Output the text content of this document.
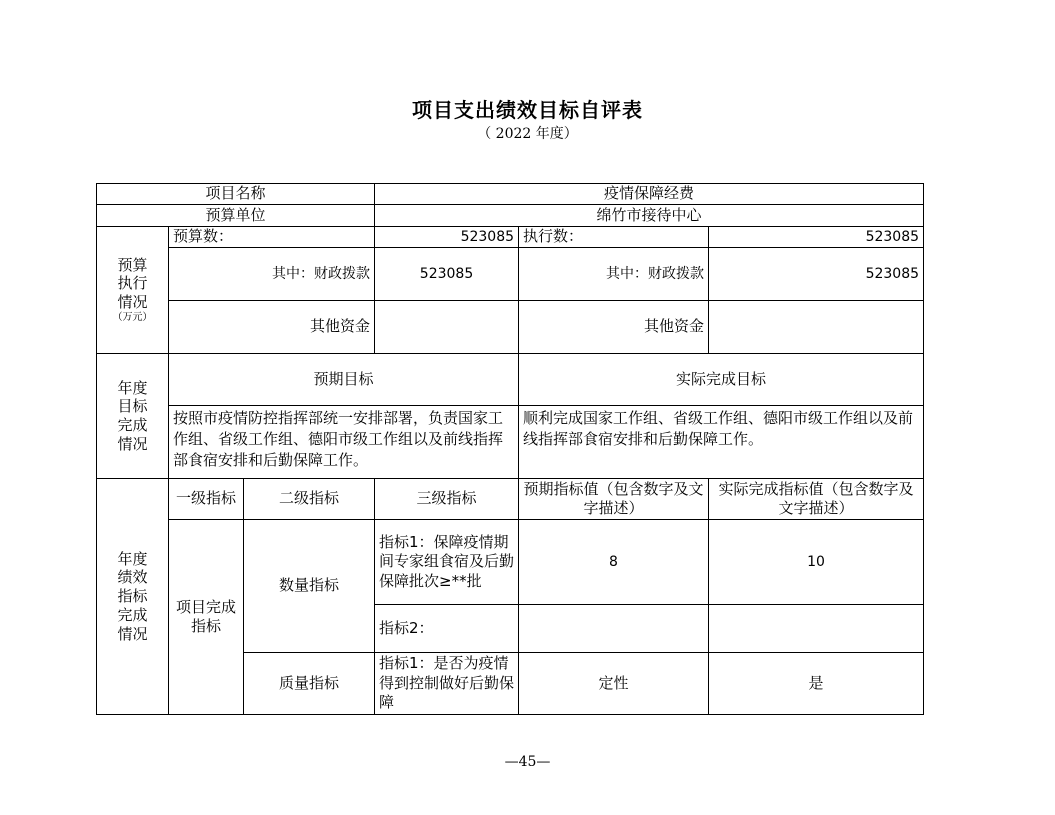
项目支出绩效目标自评表
（ 2022 年度）
项目名称			疫情保障经费		
预算单位			绵竹市接待中心		
预算
执行
情况
（万元）	预算数：		523085	执行数：	523085
	其中：财政拨款		523085	其中：财政拨款	523085
	其他资金			其他资金	
年度
目标
完成
情况	预期目标			实际完成目标	
	按照市疫情防控指挥部统一安排部署，负责国家工作组、省级工作组、德阳市级工作组以及前线指挥部食宿安排和后勤保障工作。			顺利完成国家工作组、省级工作组、德阳市级工作组以及前线指挥部食宿安排和后勤保障工作。	
年度
绩效
指标
完成
情况	一级指标	二级指标	三级指标	预期指标值（包含数字及文字描述）	实际完成指标值（包含数字及文字描述）
	项目完成指标	数量指标	指标1：保障疫情期间专家组食宿及后勤保障批次≥**批	8	10
			指标2：		
		质量指标	指标1：是否为疫情得到控制做好后勤保障	定性	是
—45—
